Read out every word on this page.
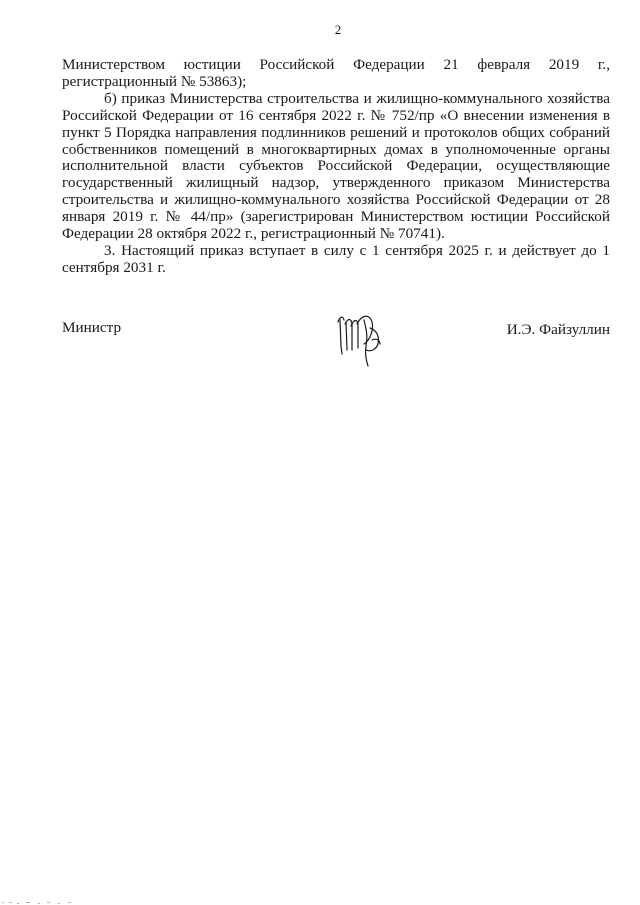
2

Министерством юстиции Российской Федерации 21 февраля 2019 г., регистрационный № 53863);

б) приказ Министерства строительства и жилищно-коммунального хозяйства Российской Федерации от 16 сентября 2022 г. № 752/пр «О внесении изменения в пункт 5 Порядка направления подлинников решений и протоколов общих собраний собственников помещений в многоквартирных домах в уполномоченные органы исполнительной власти субъектов Российской Федерации, осуществляющие государственный жилищный надзор, утвержденного приказом Министерства строительства и жилищно-коммунального хозяйства Российской Федерации от 28 января 2019 г. № 44/пр» (зарегистрирован Министерством юстиции Российской Федерации 28 октября 2022 г., регистрационный № 70741).

3. Настоящий приказ вступает в силу с 1 сентября 2025 г. и действует до 1 сентября 2031 г.

Министр	И.Э. Файзуллин
